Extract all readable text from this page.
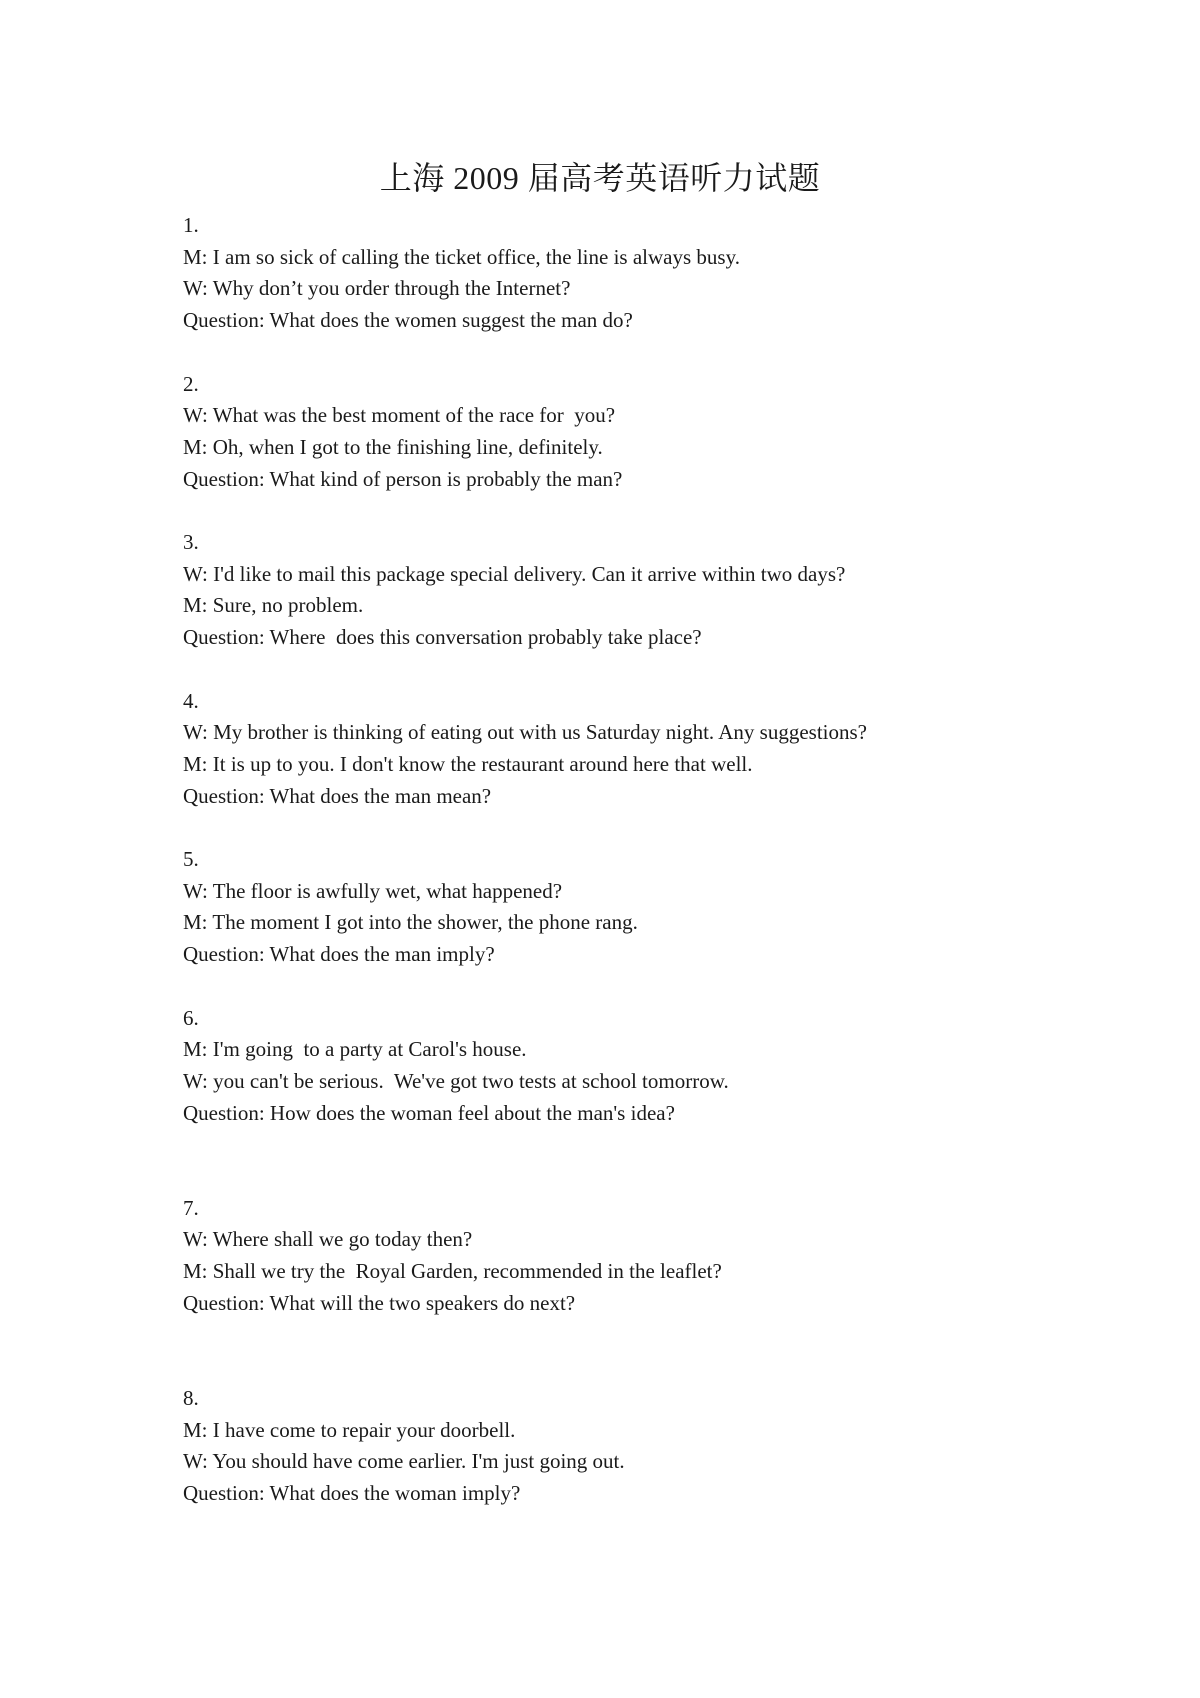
上海 2009 届高考英语听力试题
1.
M: I am so sick of calling the ticket office, the line is always busy.
W: Why don’t you order through the Internet?
Question: What does the women suggest the man do?
2.
W: What was the best moment of the race for  you?
M: Oh, when I got to the finishing line, definitely.
Question: What kind of person is probably the man?
3.
W: I'd like to mail this package special delivery. Can it arrive within two days?
M: Sure, no problem.
Question: Where  does this conversation probably take place?
4.
W: My brother is thinking of eating out with us Saturday night. Any suggestions?
M: It is up to you. I don't know the restaurant around here that well.
Question: What does the man mean?
5.
W: The floor is awfully wet, what happened?
M: The moment I got into the shower, the phone rang.
Question: What does the man imply?
6.
M: I'm going  to a party at Carol's house.
W: you can't be serious.  We've got two tests at school tomorrow.
Question: How does the woman feel about the man's idea?
7.
W: Where shall we go today then?
M: Shall we try the  Royal Garden, recommended in the leaflet?
Question: What will the two speakers do next?
8.
M: I have come to repair your doorbell.
W: You should have come earlier. I'm just going out.
Question: What does the woman imply?
